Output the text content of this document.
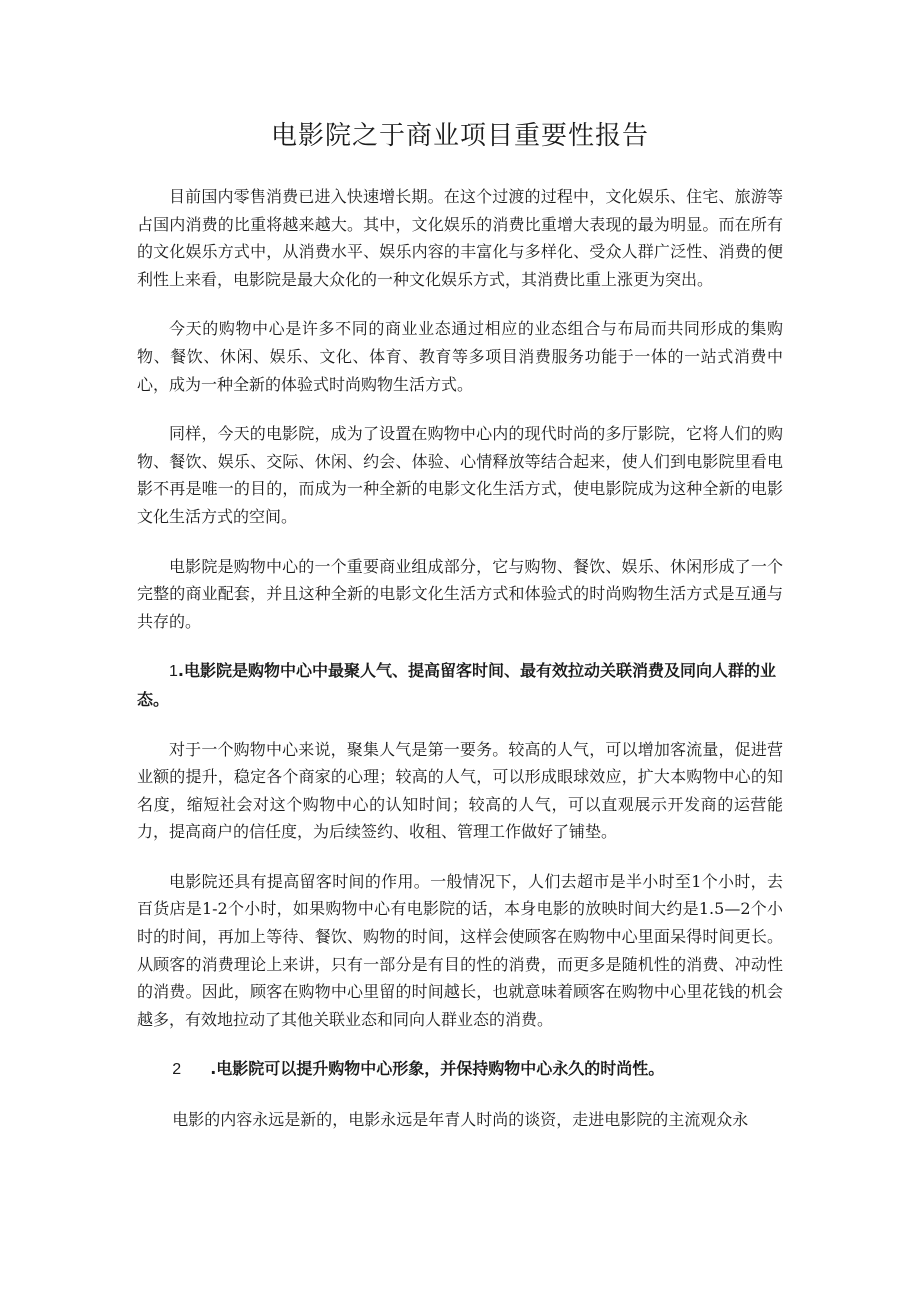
电影院之于商业项目重要性报告

目前国内零售消费已进入快速增长期。在这个过渡的过程中，文化娱乐、住宅、旅游等占国内消费的比重将越来越大。其中，文化娱乐的消费比重增大表现的最为明显。而在所有的文化娱乐方式中，从消费水平、娱乐内容的丰富化与多样化、受众人群广泛性、消费的便利性上来看，电影院是最大众化的一种文化娱乐方式，其消费比重上涨更为突出。

今天的购物中心是许多不同的商业业态通过相应的业态组合与布局而共同形成的集购物、餐饮、休闲、娱乐、文化、体育、教育等多项目消费服务功能于一体的一站式消费中心，成为一种全新的体验式时尚购物生活方式。

同样，今天的电影院，成为了设置在购物中心内的现代时尚的多厅影院，它将人们的购物、餐饮、娱乐、交际、休闲、约会、体验、心情释放等结合起来，使人们到电影院里看电影不再是唯一的目的，而成为一种全新的电影文化生活方式，使电影院成为这种全新的电影文化生活方式的空间。

电影院是购物中心的一个重要商业组成部分，它与购物、餐饮、娱乐、休闲形成了一个完整的商业配套，并且这种全新的电影文化生活方式和体验式的时尚购物生活方式是互通与共存的。

1.电影院是购物中心中最聚人气、提高留客时间、最有效拉动关联消费及同向人群的业态。

对于一个购物中心来说，聚集人气是第一要务。较高的人气，可以增加客流量，促进营业额的提升，稳定各个商家的心理；较高的人气，可以形成眼球效应，扩大本购物中心的知名度，缩短社会对这个购物中心的认知时间；较高的人气，可以直观展示开发商的运营能力，提高商户的信任度，为后续签约、收租、管理工作做好了铺垫。

电影院还具有提高留客时间的作用。一般情况下，人们去超市是半小时至1个小时，去百货店是1-2个小时，如果购物中心有电影院的话，本身电影的放映时间大约是1.5—2个小时的时间，再加上等待、餐饮、购物的时间，这样会使顾客在购物中心里面呆得时间更长。从顾客的消费理论上来讲，只有一部分是有目的性的消费，而更多是随机性的消费、冲动性的消费。因此，顾客在购物中心里留的时间越长，也就意味着顾客在购物中心里花钱的机会越多，有效地拉动了其他关联业态和同向人群业态的消费。

2 .电影院可以提升购物中心形象，并保持购物中心永久的时尚性。

电影的内容永远是新的，电影永远是年青人时尚的谈资，走进电影院的主流观众永
